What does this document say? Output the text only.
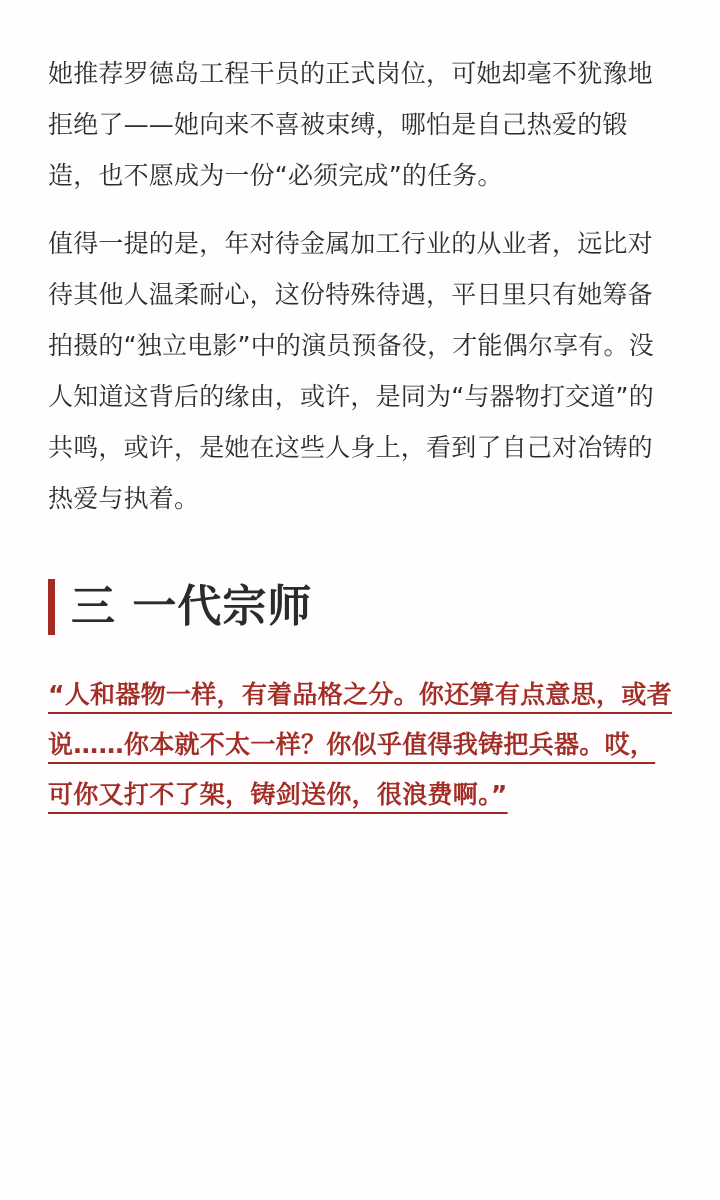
她推荐罗德岛工程干员的正式岗位，可她却毫不犹豫地拒绝了——她向来不喜被束缚，哪怕是自己热爱的锻造，也不愿成为一份“必须完成”的任务。

值得一提的是，年对待金属加工行业的从业者，远比对待其他人温柔耐心，这份特殊待遇，平日里只有她筹备拍摄的“独立电影”中的演员预备役，才能偶尔享有。没人知道这背后的缘由，或许，是同为“与器物打交道”的共鸣，或许，是她在这些人身上，看到了自己对冶铸的热爱与执着。

三 一代宗师
“人和器物一样，有着品格之分。你还算有点意思，或者说……你本就不太一样？你似乎值得我铸把兵器。哎，可你又打不了架，铸剑送你，很浪费啊。”
